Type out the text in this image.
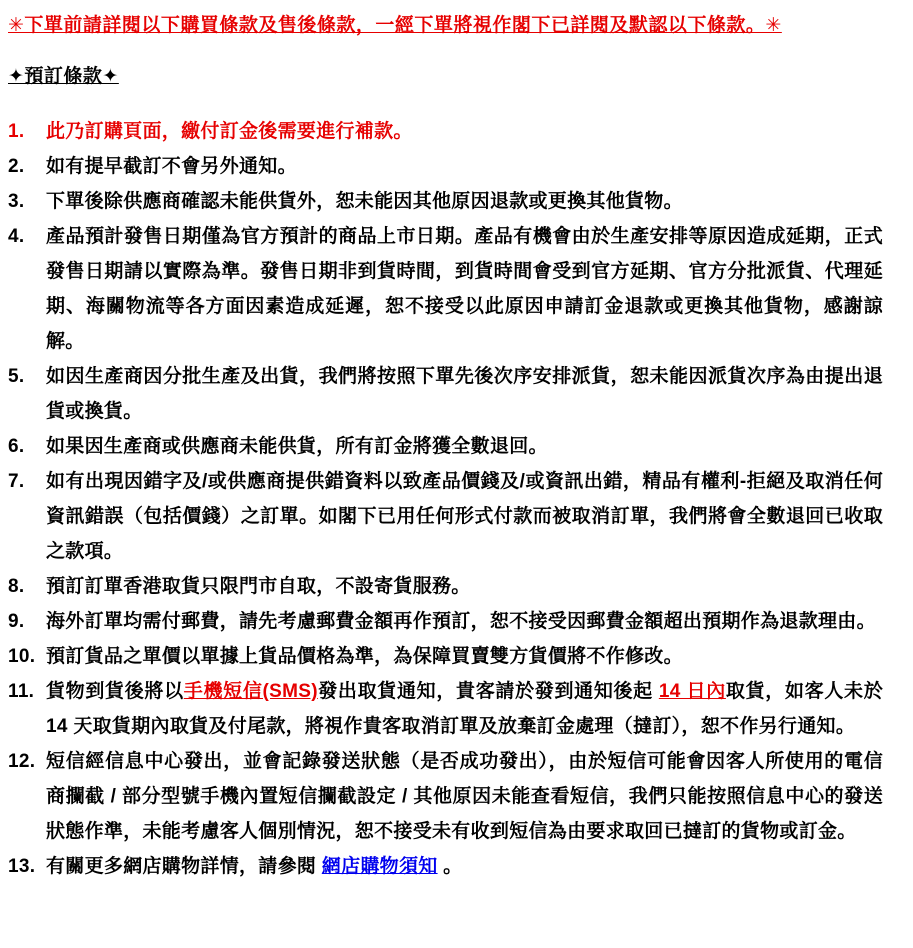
✳下單前請詳閱以下購買條款及售後條款，一經下單將視作閣下已詳閱及默認以下條款。✳
✦預訂條款✦
1.	此乃訂購頁面，繳付訂金後需要進行補款。
2.	如有提早截訂不會另外通知。
3.	下單後除供應商確認未能供貨外，恕未能因其他原因退款或更換其他貨物。
4.	產品預計發售日期僅為官方預計的商品上市日期。產品有機會由於生產安排等原因造成延期，正式發售日期請以實際為準。發售日期非到貨時間，到貨時間會受到官方延期、官方分批派貨、代理延期、海關物流等各方面因素造成延遲，恕不接受以此原因申請訂金退款或更換其他貨物，感謝諒解。
5.	如因生產商因分批生產及出貨，我們將按照下單先後次序安排派貨，恕未能因派貨次序為由提出退貨或換貨。
6.	如果因生產商或供應商未能供貨，所有訂金將獲全數退回。
7.	如有出現因錯字及/或供應商提供錯資料以致產品價錢及/或資訊出錯，精品有權利-拒絕及取消任何資訊錯誤（包括價錢）之訂單。如閣下已用任何形式付款而被取消訂單，我們將會全數退回已收取之款項。
8.	預訂訂單香港取貨只限門市自取，不設寄貨服務。
9.	海外訂單均需付郵費，請先考慮郵費金額再作預訂，恕不接受因郵費金額超出預期作為退款理由。
10. 預訂貨品之單價以單據上貨品價格為準，為保障買賣雙方貨價將不作修改。
11. 貨物到貨後將以手機短信(SMS)發出取貨通知，貴客請於發到通知後起 14 日內取貨，如客人未於 14 天取貨期內取貨及付尾款，將視作貴客取消訂單及放棄訂金處理（撻訂），恕不作另行通知。
12. 短信經信息中心發出，並會記錄發送狀態（是否成功發出），由於短信可能會因客人所使用的電信商攔截 / 部分型號手機內置短信攔截設定 / 其他原因未能查看短信，我們只能按照信息中心的發送狀態作準，未能考慮客人個別情況，恕不接受未有收到短信為由要求取回已撻訂的貨物或訂金。
13. 有關更多網店購物詳情，請參閱 網店購物須知 。
